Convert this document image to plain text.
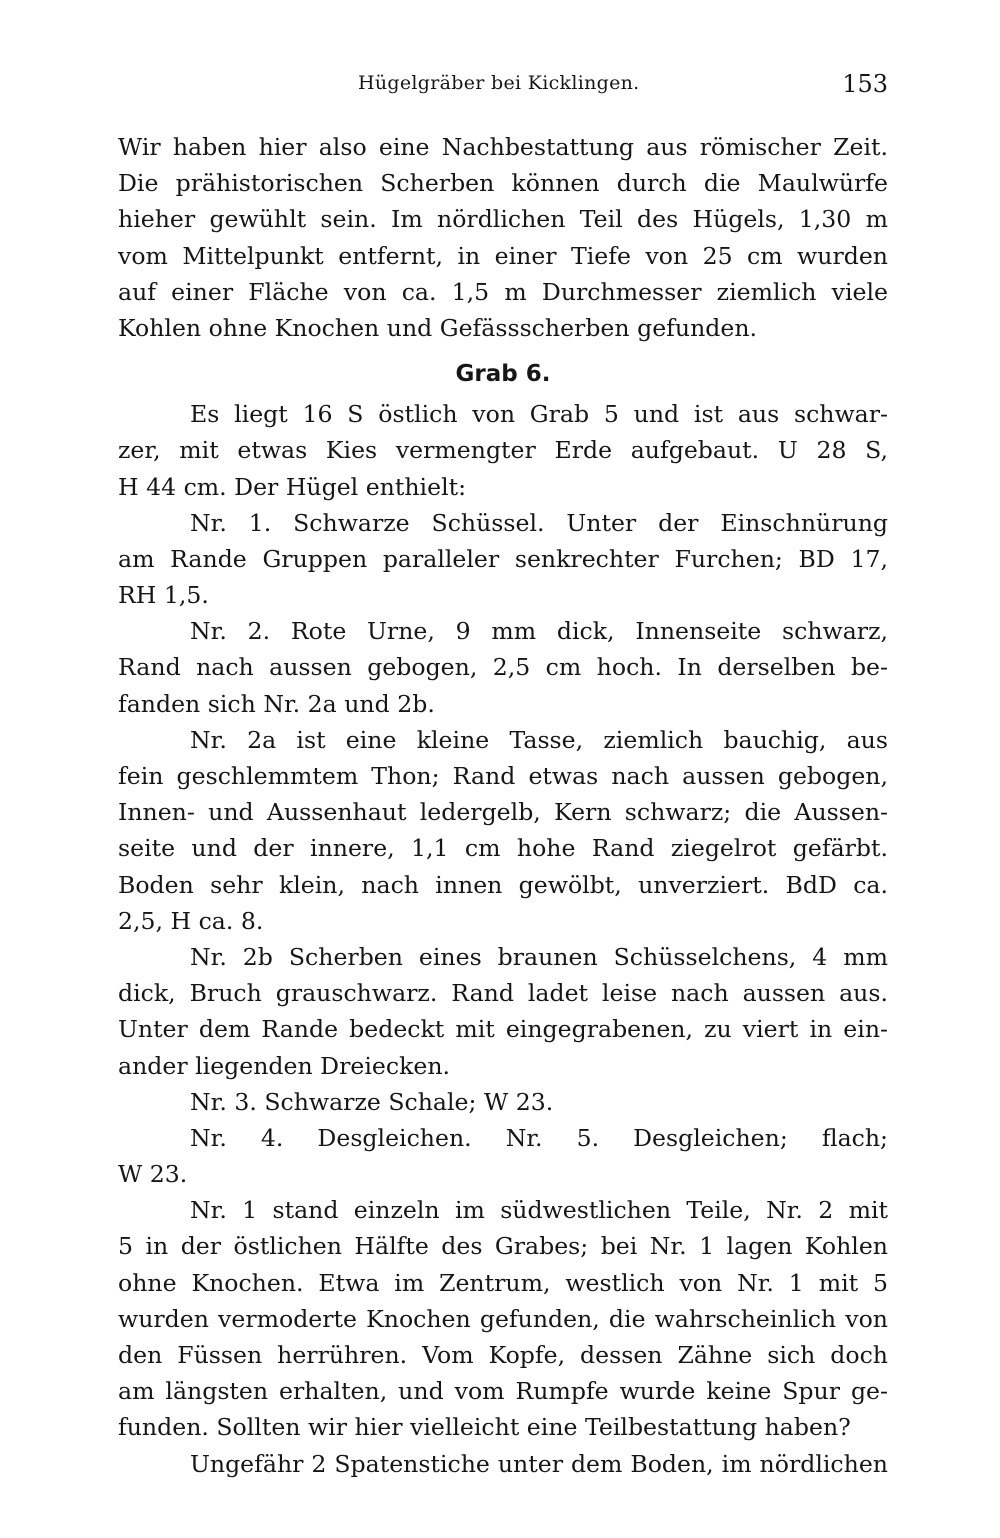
Hügelgräber bei Kicklingen.	153
Wir haben hier also eine Nachbestattung aus römischer Zeit.
Die prähistorischen Scherben können durch die Maulwürfe
hieher gewühlt sein. Im nördlichen Teil des Hügels, 1,30 m
vom Mittelpunkt entfernt, in einer Tiefe von 25 cm wurden
auf einer Fläche von ca. 1,5 m Durchmesser ziemlich viele
Kohlen ohne Knochen und Gefässscherben gefunden.
Grab 6.
Es liegt 16 S östlich von Grab 5 und ist aus schwar-
zer, mit etwas Kies vermengter Erde aufgebaut. U 28 S,
H 44 cm. Der Hügel enthielt:
Nr. 1. Schwarze Schüssel. Unter der Einschnürung
am Rande Gruppen paralleler senkrechter Furchen; BD 17,
RH 1,5.
Nr. 2. Rote Urne, 9 mm dick, Innenseite schwarz,
Rand nach aussen gebogen, 2,5 cm hoch. In derselben be-
fanden sich Nr. 2a und 2b.
Nr. 2a ist eine kleine Tasse, ziemlich bauchig, aus
fein geschlemmtem Thon; Rand etwas nach aussen gebogen,
Innen- und Aussenhaut ledergelb, Kern schwarz; die Aussen-
seite und der innere, 1,1 cm hohe Rand ziegelrot gefärbt.
Boden sehr klein, nach innen gewölbt, unverziert. BdD ca.
2,5, H ca. 8.
Nr. 2b Scherben eines braunen Schüsselchens, 4 mm
dick, Bruch grauschwarz. Rand ladet leise nach aussen aus.
Unter dem Rande bedeckt mit eingegrabenen, zu viert in ein-
ander liegenden Dreiecken.
Nr. 3. Schwarze Schale; W 23.
Nr. 4. Desgleichen. Nr. 5. Desgleichen; flach;
W 23.
Nr. 1 stand einzeln im südwestlichen Teile, Nr. 2 mit
5 in der östlichen Hälfte des Grabes; bei Nr. 1 lagen Kohlen
ohne Knochen. Etwa im Zentrum, westlich von Nr. 1 mit 5
wurden vermoderte Knochen gefunden, die wahrscheinlich von
den Füssen herrühren. Vom Kopfe, dessen Zähne sich doch
am längsten erhalten, und vom Rumpfe wurde keine Spur ge-
funden. Sollten wir hier vielleicht eine Teilbestattung haben?
Ungefähr 2 Spatenstiche unter dem Boden, im nördlichen
